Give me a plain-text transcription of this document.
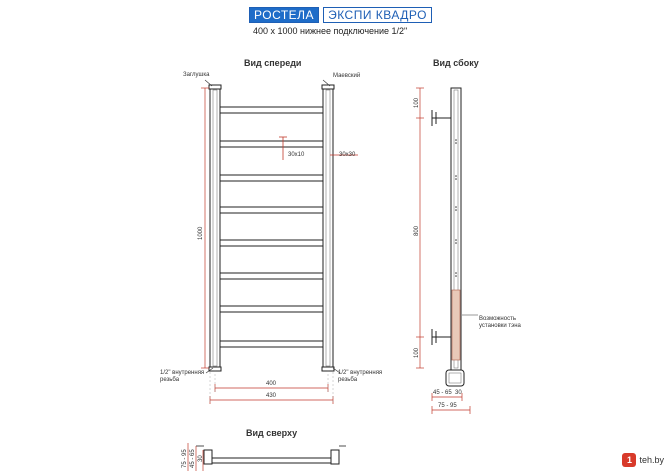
РОСТЕЛА	ЭКСПИ КВАДРО
400 x 1000 нижнее подключение 1/2"
Вид спереди	Вид сбоку
Вид сверху
Заглушка	Маевский
1/2" внутренняя
резьба
1/2" внутренняя
резьба
30x10	30x30
1000
400
430
100
800
100
Возможность
установки тэна
45 - 65 30
75 - 95
75 - 95 45 - 65 30	1 teh.by
